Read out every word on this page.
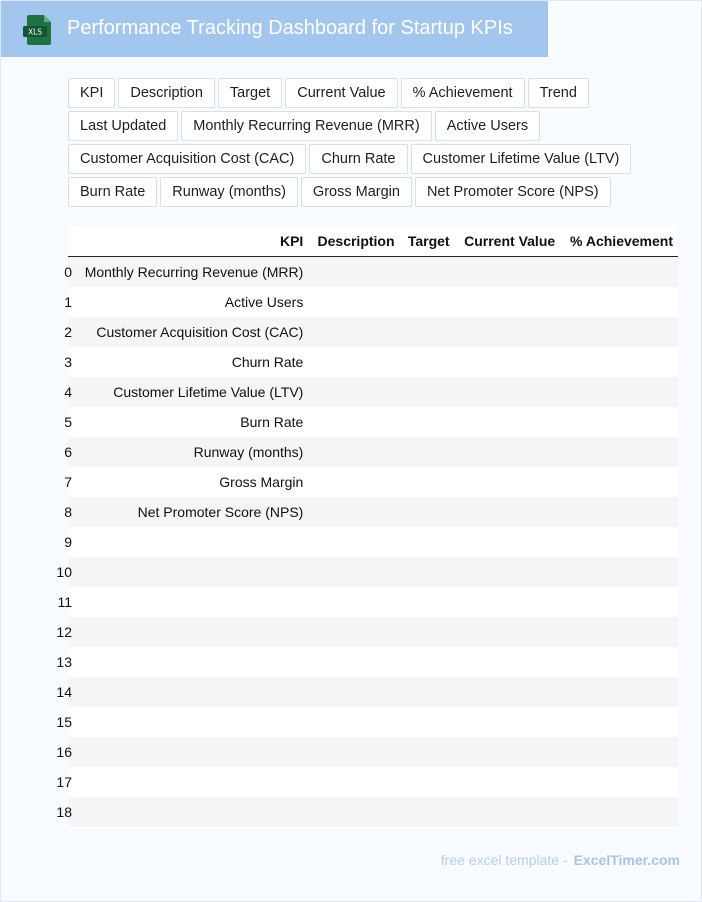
XLS Performance Tracking Dashboard for Startup KPIs
KPI	Description	Target	Current Value	% Achievement	Trend
Last Updated	Monthly Recurring Revenue (MRR)	Active Users
Customer Acquisition Cost (CAC)	Churn Rate	Customer Lifetime Value (LTV)
Burn Rate	Runway (months)	Gross Margin	Net Promoter Score (NPS)
	KPI	Description	Target	Current Value	% Achievement

0	Monthly Recurring Revenue (MRR)				

1	Active Users				

2	Customer Acquisition Cost (CAC)				

3	Churn Rate				

4	Customer Lifetime Value (LTV)				

5	Burn Rate				

6	Runway (months)				

7	Gross Margin				

8	Net Promoter Score (NPS)				

9					

10					

11					

12					

13					

14					

15					

16					

17					

18					

free excel template - ExcelTimer.com
